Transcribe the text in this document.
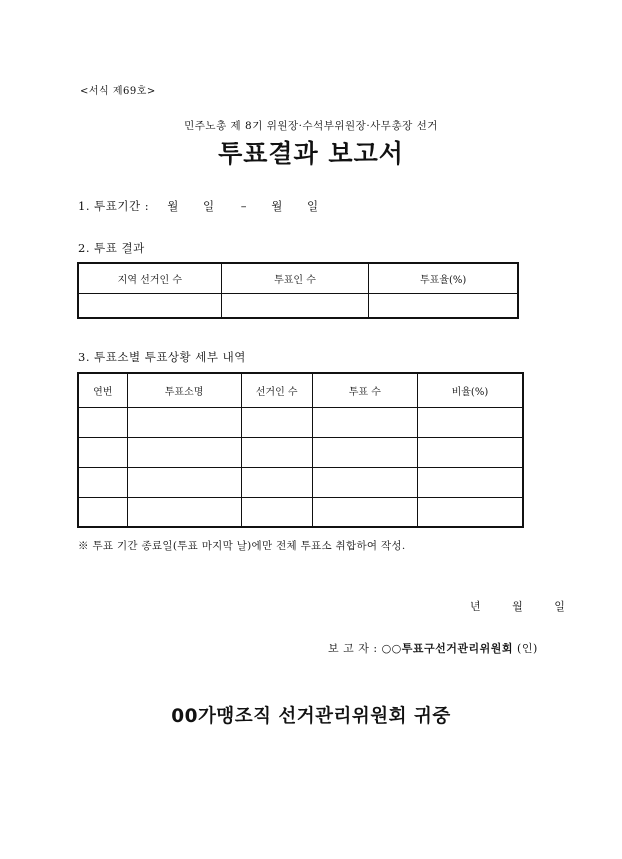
<서식 제69호>
민주노총 제 8기 위원장·수석부위원장·사무총장 선거
투표결과 보고서
1. 투표기간 : 월 일 – 월 일
2. 투표 결과
지역 선거인 수	투표인 수	투표율(%)

3. 투표소별 투표상황 세부 내역
연번	투표소명	선거인 수	투표 수	비율(%)

※ 투표 기간 종료일(투표 마지막 날)에만 전체 투표소 취합하여 작성.
년	월	일
보 고 자 : ○○투표구선거관리위원회 (인)
00가맹조직 선거관리위원회 귀중
